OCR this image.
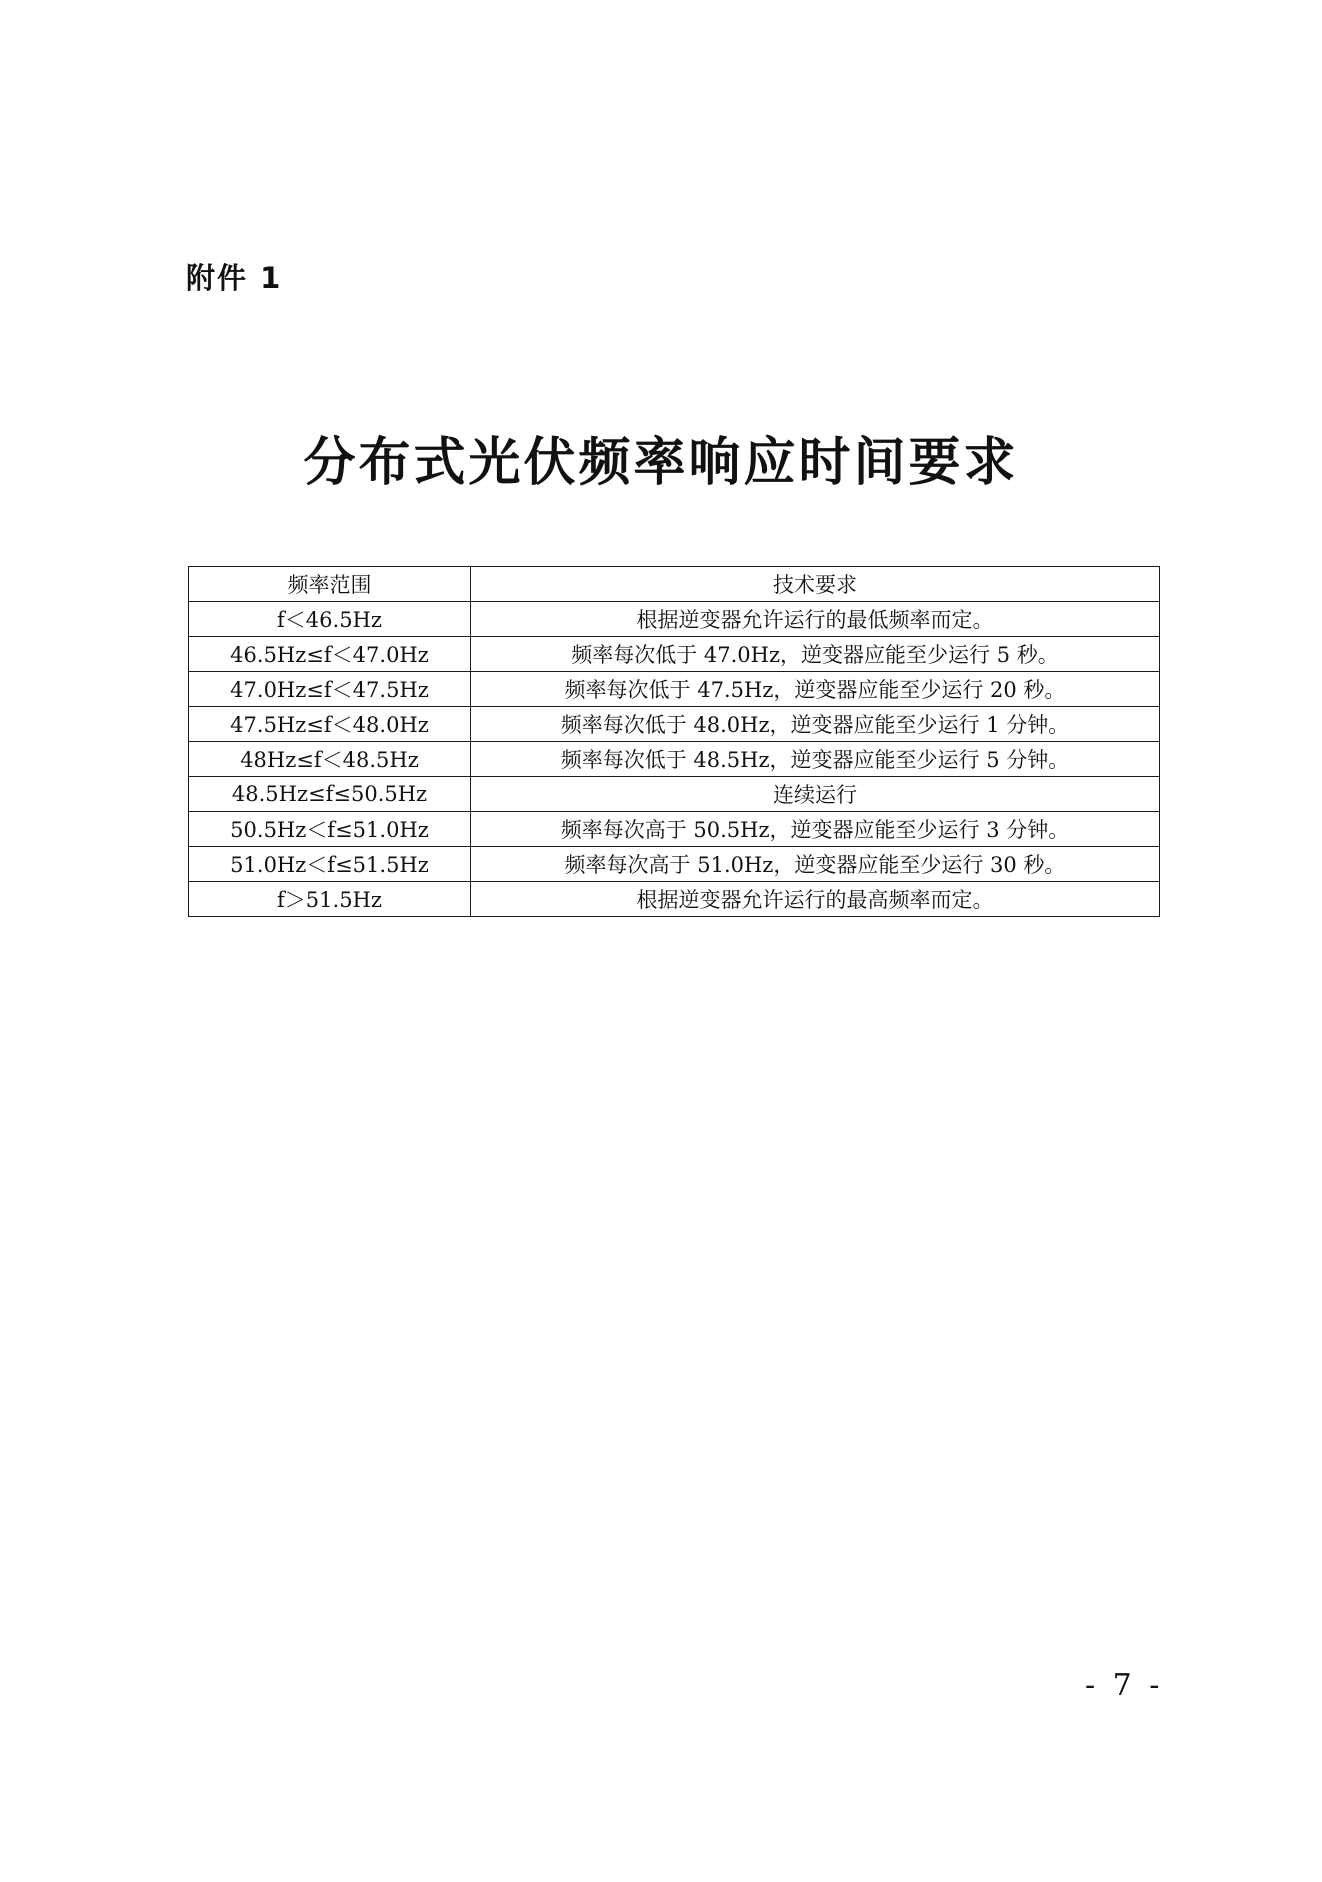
附件 1
分布式光伏频率响应时间要求
频率范围	技术要求
f＜46.5Hz	根据逆变器允许运行的最低频率而定。
46.5Hz≤f＜47.0Hz	频率每次低于 47.0Hz，逆变器应能至少运行 5 秒。
47.0Hz≤f＜47.5Hz	频率每次低于 47.5Hz，逆变器应能至少运行 20 秒。
47.5Hz≤f＜48.0Hz	频率每次低于 48.0Hz，逆变器应能至少运行 1 分钟。
48Hz≤f＜48.5Hz	频率每次低于 48.5Hz，逆变器应能至少运行 5 分钟。
48.5Hz≤f≤50.5Hz	连续运行
50.5Hz＜f≤51.0Hz	频率每次高于 50.5Hz，逆变器应能至少运行 3 分钟。
51.0Hz＜f≤51.5Hz	频率每次高于 51.0Hz，逆变器应能至少运行 30 秒。
f＞51.5Hz	根据逆变器允许运行的最高频率而定。
- 7 -
